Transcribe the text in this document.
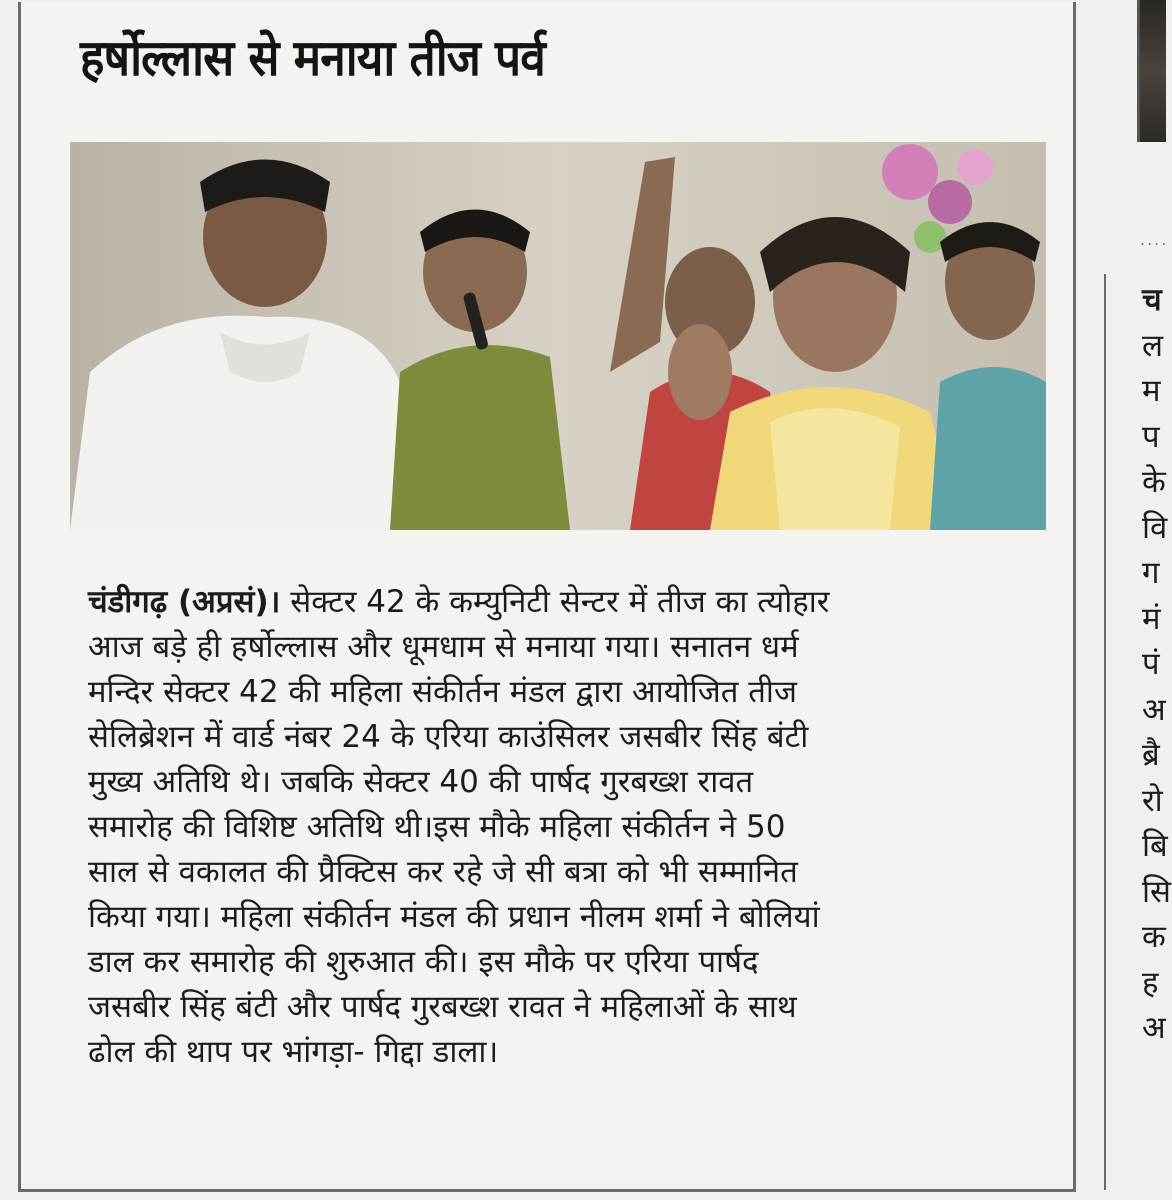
हर्षोल्लास से मनाया तीज पर्व
चंडीगढ़ (अप्रसं)। सेक्टर 42 के कम्युनिटी सेन्टर में तीज का त्योहार
आज बड़े ही हर्षोल्लास और धूमधाम से मनाया गया। सनातन धर्म
मन्दिर सेक्टर 42 की महिला संकीर्तन मंडल द्वारा आयोजित तीज
सेलिब्रेशन में वार्ड नंबर 24 के एरिया काउंसिलर जसबीर सिंह बंटी
मुख्य अतिथि थे। जबकि सेक्टर 40 की पार्षद गुरबख्श रावत
समारोह की विशिष्ट अतिथि थी।इस मौके महिला संकीर्तन ने 50
साल से वकालत की प्रैक्टिस कर रहे जे सी बत्रा को भी सम्मानित
किया गया। महिला संकीर्तन मंडल की प्रधान नीलम शर्मा ने बोलियां
डाल कर समारोह की शुरुआत की। इस मौके पर एरिया पार्षद
जसबीर सिंह बंटी और पार्षद गुरबख्श रावत ने महिलाओं के साथ
ढोल की थाप पर भांगड़ा- गिद्दा डाला।
....
च
ल
म
प
के
वि
ग
मं
पं
अ
ब्रै
रो
बि
सि
क
ह
अ
